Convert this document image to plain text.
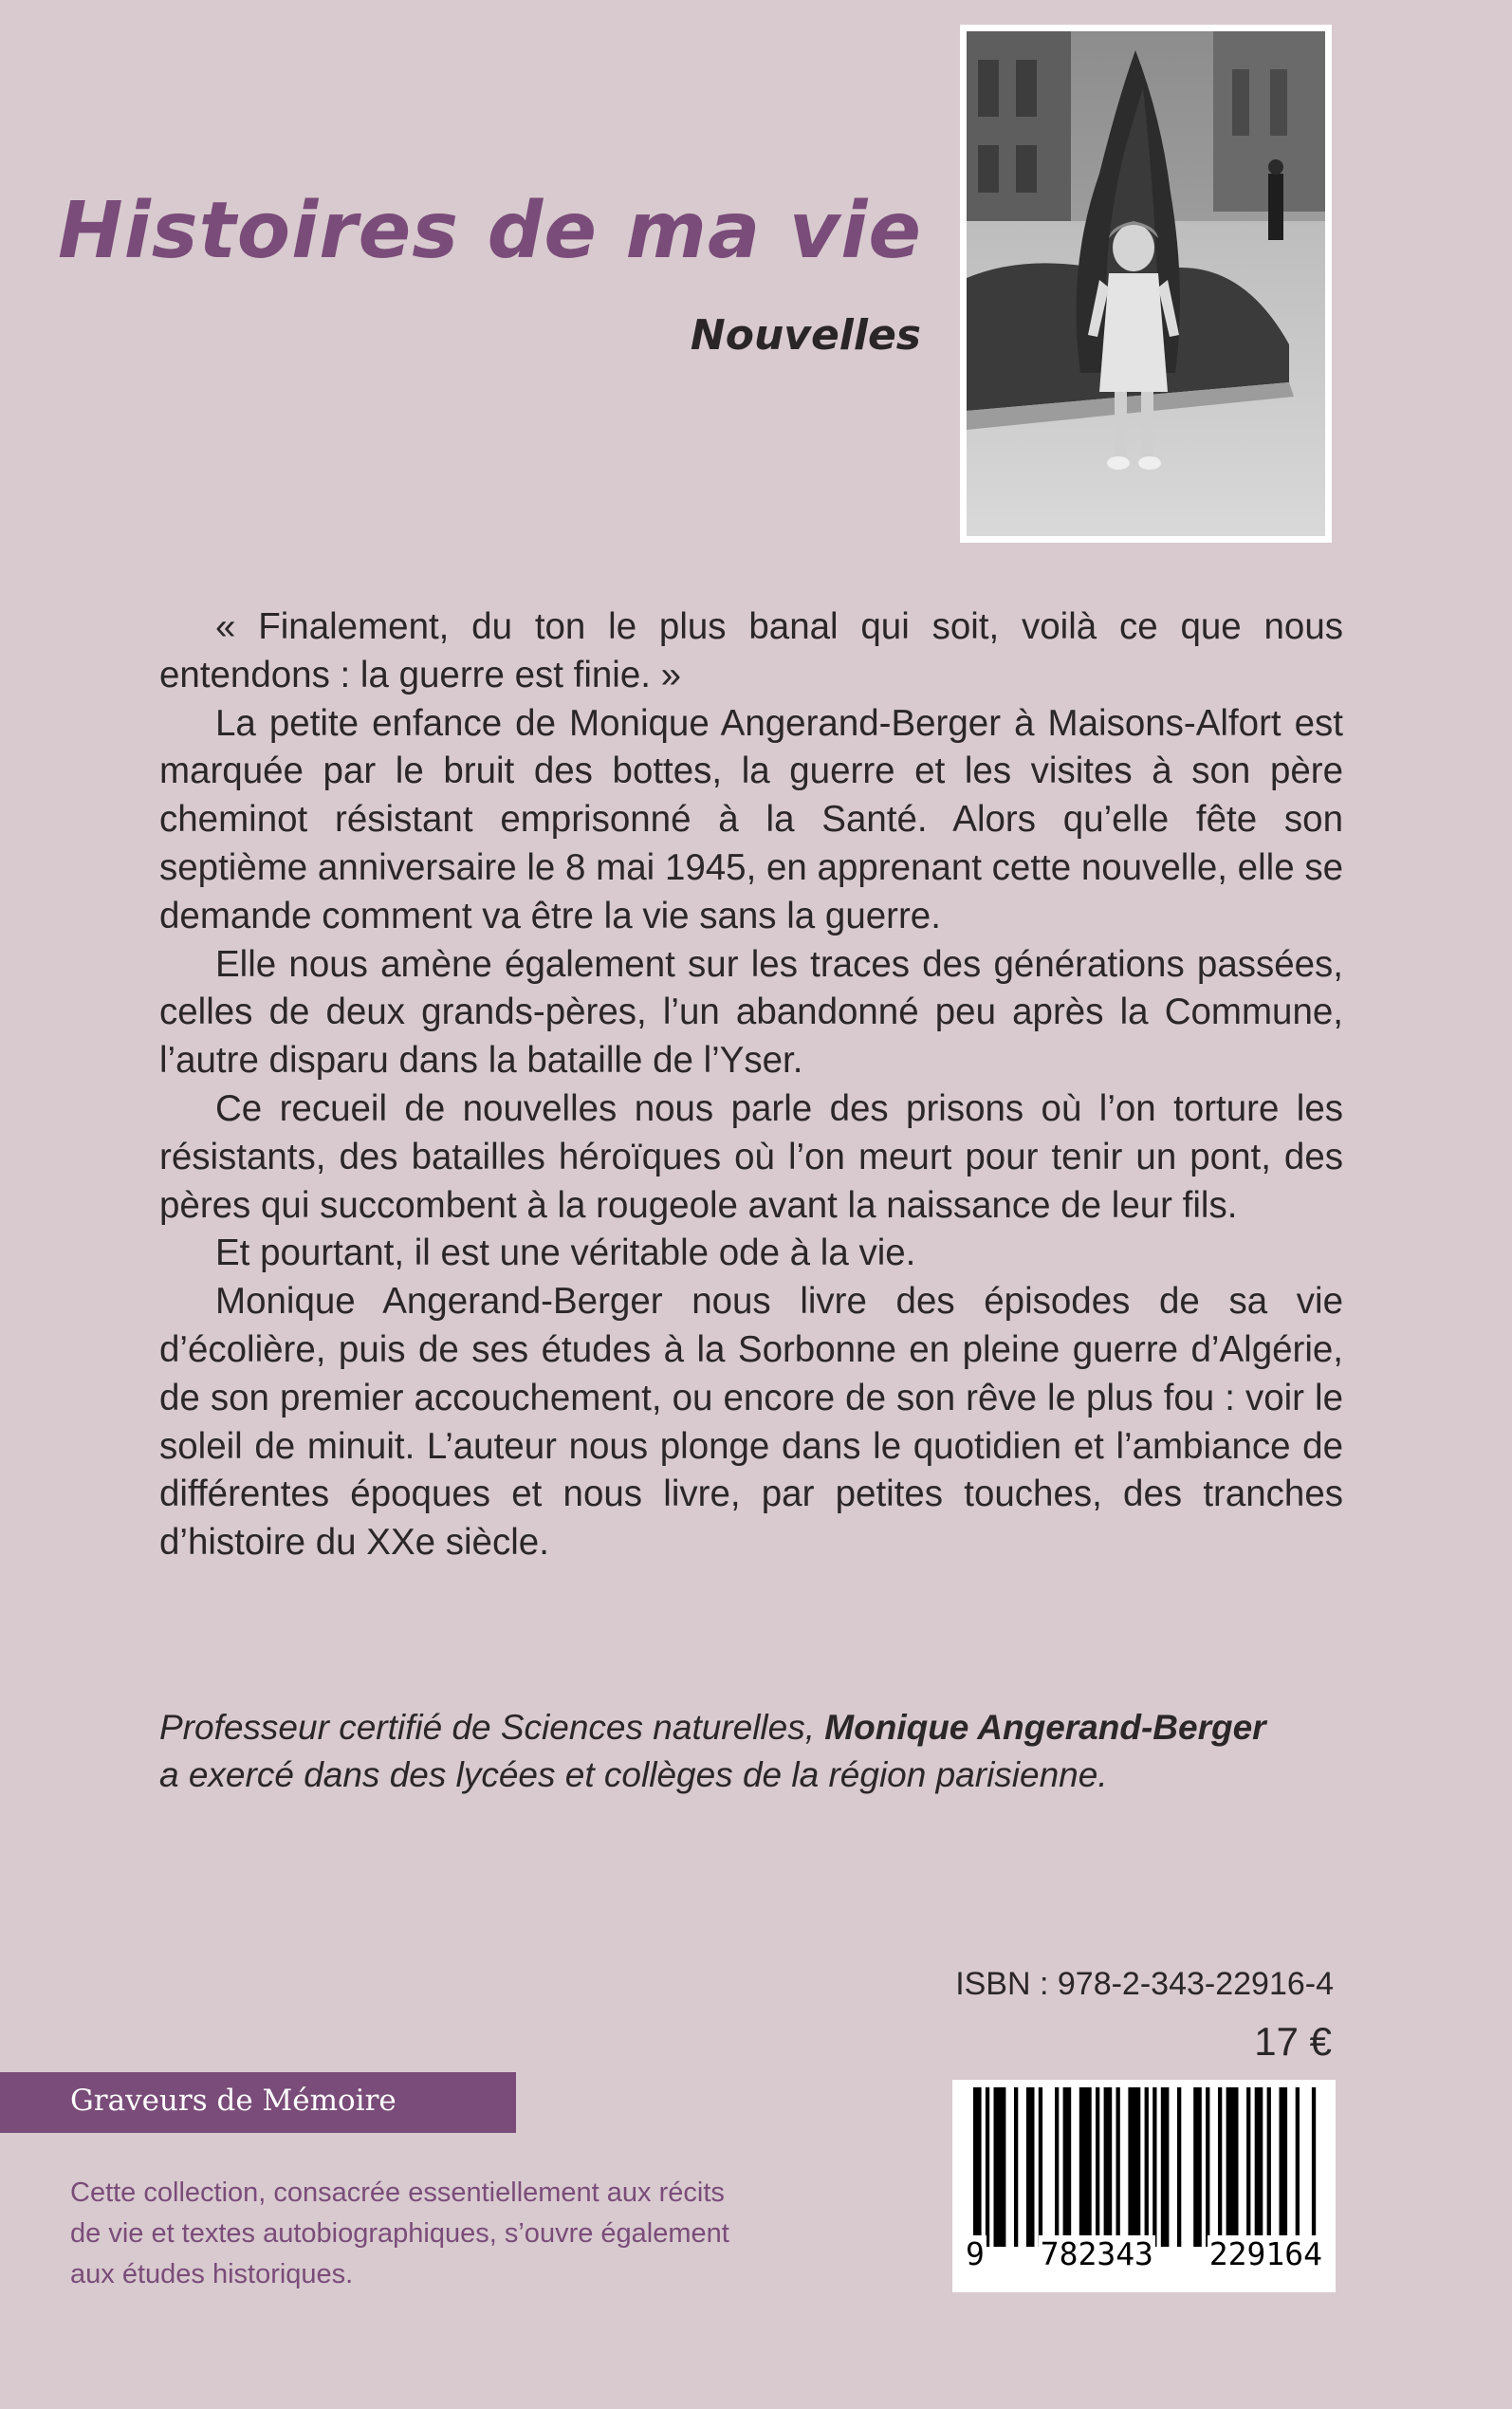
Histoires de ma vie
Nouvelles

« Finalement, du ton le plus banal qui soit, voilà ce que nous entendons : la guerre est finie. »

La petite enfance de Monique Angerand-Berger à Maisons-Alfort est marquée par le bruit des bottes, la guerre et les visites à son père cheminot résistant emprisonné à la Santé. Alors qu’elle fête son septième anniversaire le 8 mai 1945, en apprenant cette nouvelle, elle se demande comment va être la vie sans la guerre.

Elle nous amène également sur les traces des générations passées, celles de deux grands-pères, l’un abandonné peu après la Commune, l’autre disparu dans la bataille de l’Yser.

Ce recueil de nouvelles nous parle des prisons où l’on torture les résistants, des batailles héroïques où l’on meurt pour tenir un pont, des pères qui succombent à la rougeole avant la naissance de leur fils.

Et pourtant, il est une véritable ode à la vie.

Monique Angerand-Berger nous livre des épisodes de sa vie d’écolière, puis de ses études à la Sorbonne en pleine guerre d’Algérie, de son premier accouchement, ou encore de son rêve le plus fou : voir le soleil de minuit. L’auteur nous plonge dans le quotidien et l’ambiance de différentes époques et nous livre, par petites touches, des tranches d’histoire du XXe siècle.

Professeur certifié de Sciences naturelles, Monique Angerand-Berger

a exercé dans des lycées et collèges de la région parisienne.

ISBN : 978-2-343-22916-4
17 €
9 782343 229164
Graveurs de Mémoire

Cette collection, consacrée essentiellement aux récits

de vie et textes autobiographiques, s’ouvre également

aux études historiques.
